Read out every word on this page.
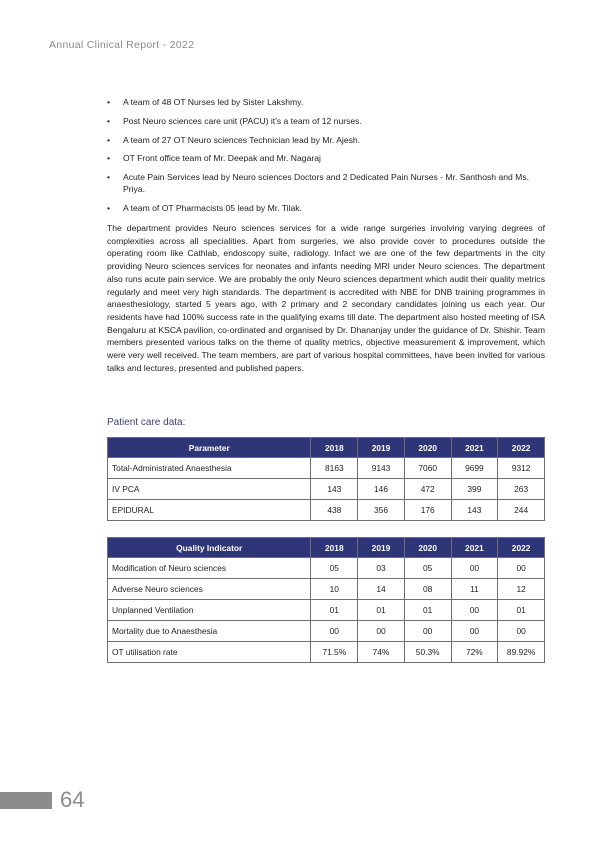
Annual Clinical Report - 2022
• A team of 48 OT Nurses led by Sister Lakshmy.
• Post Neuro sciences care unit (PACU) it's a team of 12 nurses.
• A team of 27 OT Neuro sciences Technician lead by Mr. Ajesh.
• OT Front office team of Mr. Deepak and Mr. Nagaraj
• Acute Pain Services lead by Neuro sciences Doctors and 2 Dedicated Pain Nurses - Mr. Santhosh and Ms. Priya.
• A team of OT Pharmacists 05 lead by Mr. Tilak.

The department provides Neuro sciences services for a wide range surgeries involving varying degrees of complexities across all specialities. Apart from surgeries, we also provide cover to procedures outside the operating room like Cathlab, endoscopy suite, radiology. Infact we are one of the few departments in the city providing Neuro sciences services for neonates and infants needing MRI under Neuro sciences. The department also runs acute pain service. We are probably the only Neuro sciences department which audit their quality metrics regularly and meet very high standards. The department is accredited with NBE for DNB training programmes in anaesthesiology, started 5 years ago, with 2 primary and 2 secondary candidates joining us each year. Our residents have had 100% success rate in the qualifying exams till date. The department also hosted meeting of ISA Bengaluru at KSCA pavilion, co-ordinated and organised by Dr. Dhananjay under the guidance of Dr. Shishir. Team members presented various talks on the theme of quality metrics, objective measurement & improvement, which were very well received. The team members, are part of various hospital committees, have been invited for various talks and lectures, presented and published papers.

Patient care data:
Parameter	2018	2019	2020	2021	2022
Total-Administrated Anaesthesia	8163	9143	7060	9699	9312
IV PCA	143	146	472	399	263
EPIDURAL	438	356	176	143	244
Quality Indicator	2018	2019	2020	2021	2022
Modification of Neuro sciences	05	03	05	00	00
Adverse Neuro sciences	10	14	08	11	12
Unplanned Ventilation	01	01	01	00	01
Mortality due to Anaesthesia	00	00	00	00	00
OT utilisation rate	71.5%	74%	50.3%	72%	89.92%
64
